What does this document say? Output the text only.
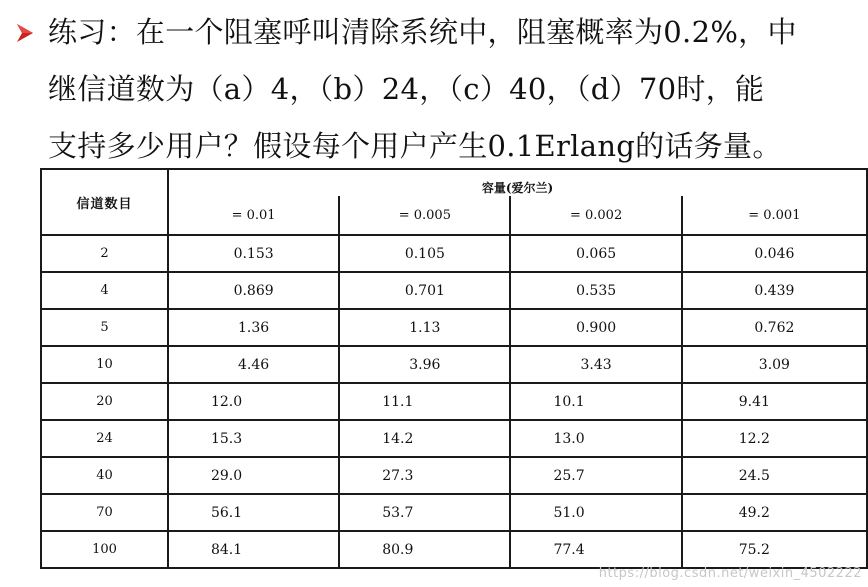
练习：在一个阻塞呼叫清除系统中，阻塞概率为0.2%，中
继信道数为（a）4，（b）24，（c）40，（d）70时，能
支持多少用户？假设每个用户产生0.1Erlang的话务量。
信道数目	容量(爱尔兰)			
	= 0.01	= 0.005	= 0.002	= 0.001
2	0.153	0.105	0.065	0.046
4	0.869	0.701	0.535	0.439
5	1.36	1.13	0.900	0.762
10	4.46	3.96	3.43	3.09
20	12.0	11.1	10.1	9.41
24	15.3	14.2	13.0	12.2
40	29.0	27.3	25.7	24.5
70	56.1	53.7	51.0	49.2
100	84.1	80.9	77.4	75.2
https://blog.csdn.net/weixin_4502222
